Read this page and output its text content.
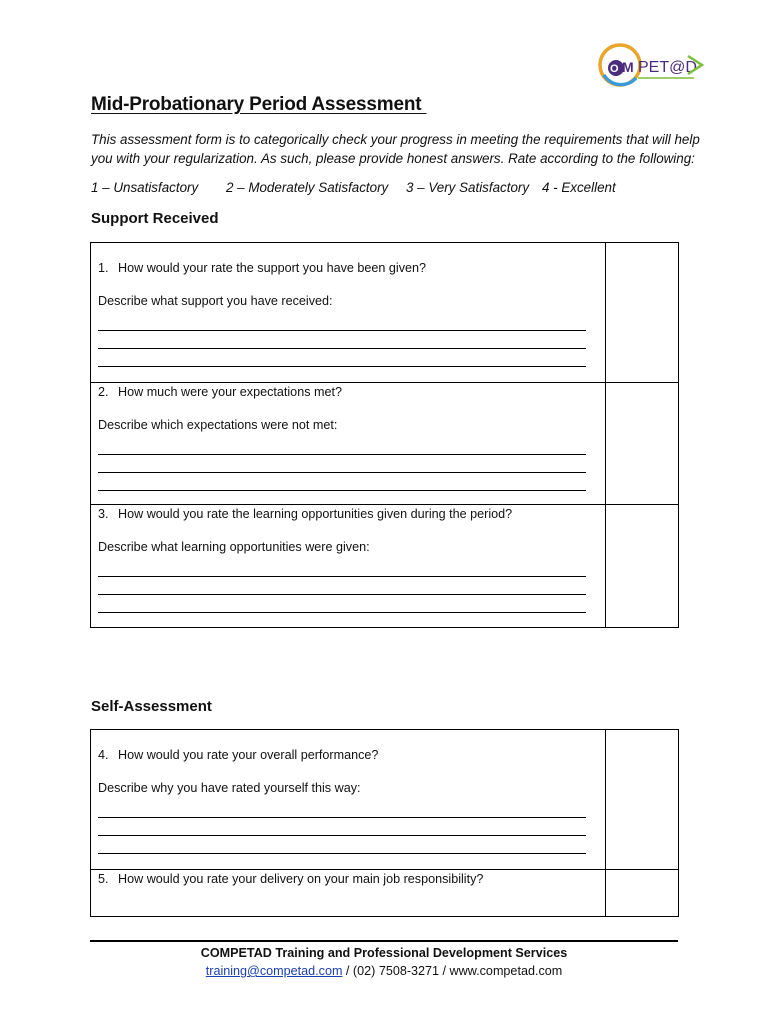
O M PET@D
Mid-Probationary Period Assessment

This assessment form is to categorically check your progress in meeting the requirements that will help

you with your regularization. As such, please provide honest answers. Rate according to the following:

1 – Unsatisfactory 2 – Moderately Satisfactory 3 – Very Satisfactory 4 - Excellent
Support Received
1. How would your rate the support you have been given?
Describe what support you have received:	

2. How much were your expectations met?
Describe which expectations were not met:	

3. How would you rate the learning opportunities given during the period?
Describe what learning opportunities were given:	

Self-Assessment
4. How would you rate your overall performance?
Describe why you have rated yourself this way:	

5. How would you rate your delivery on your main job responsibility?	

COMPETAD Training and Professional Development Services
training@competad.com / (02) 7508-3271 / www.competad.com
